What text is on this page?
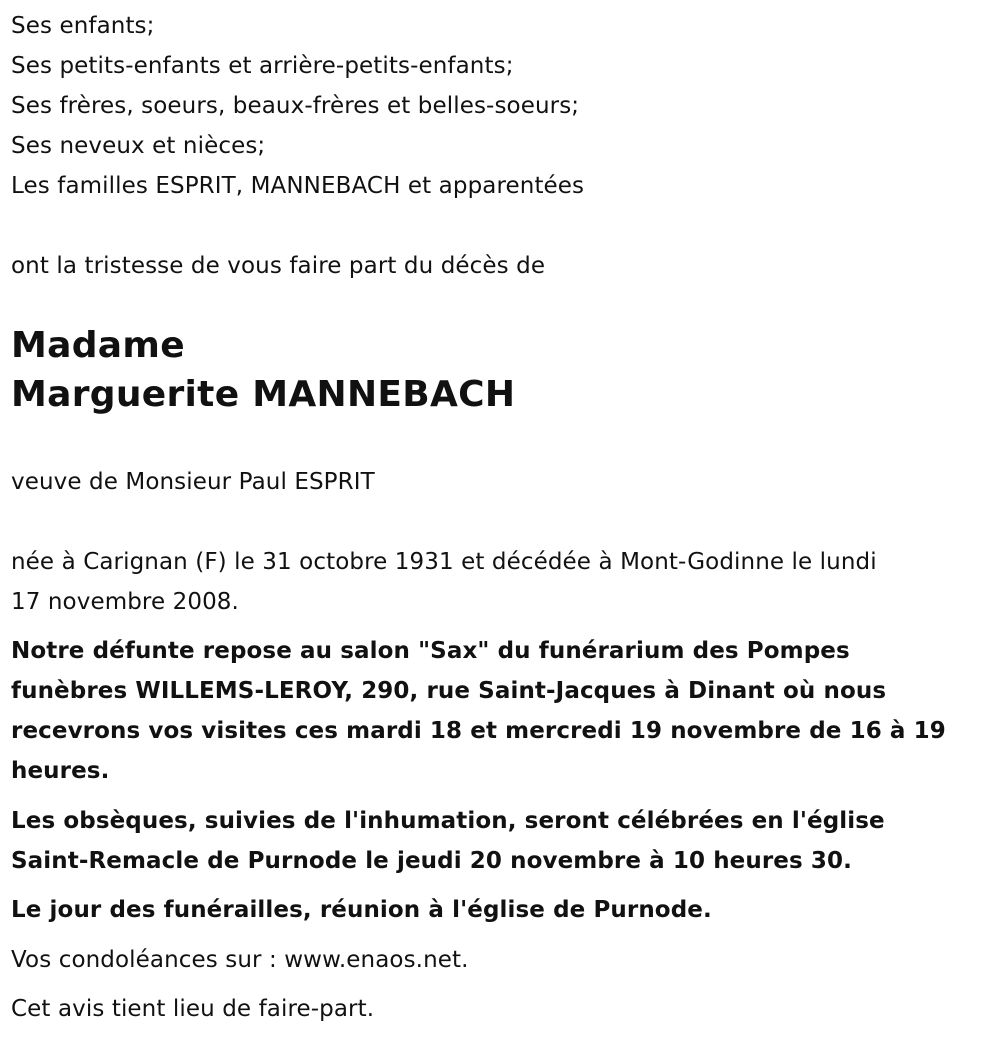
Ses enfants;

Ses petits-enfants et arrière-petits-enfants;

Ses frères, soeurs, beaux-frères et belles-soeurs;

Ses neveux et nièces;

Les familles ESPRIT, MANNEBACH et apparentées

ont la tristesse de vous faire part du décès de

Madame
Marguerite MANNEBACH

veuve de Monsieur Paul ESPRIT

née à Carignan (F) le 31 octobre 1931 et décédée à Mont-Godinne le lundi

17 novembre 2008.

Notre défunte repose au salon "Sax" du funérarium des Pompes

funèbres WILLEMS-LEROY, 290, rue Saint-Jacques à Dinant où nous

recevrons vos visites ces mardi 18 et mercredi 19 novembre de 16 à 19

heures.

Les obsèques, suivies de l'inhumation, seront célébrées en l'église

Saint-Remacle de Purnode le jeudi 20 novembre à 10 heures 30.

Le jour des funérailles, réunion à l'église de Purnode.

Vos condoléances sur : www.enaos.net.

Cet avis tient lieu de faire-part.
